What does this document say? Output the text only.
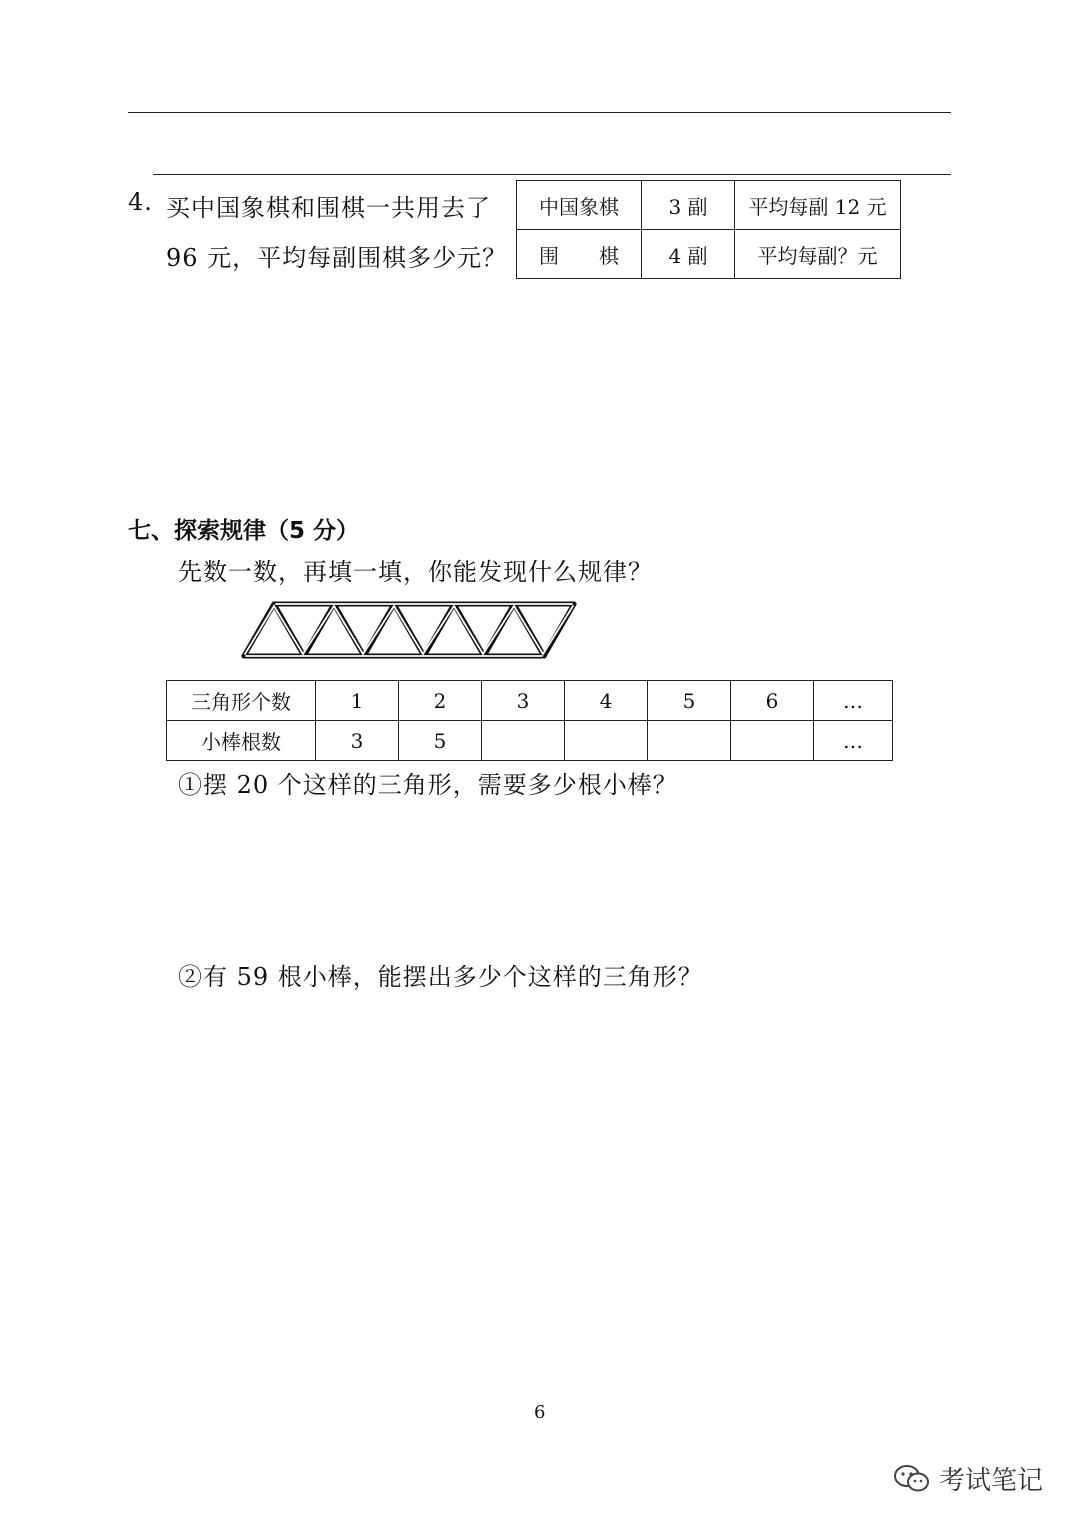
4. 买中国象棋和围棋一共用去了
96 元，平均每副围棋多少元？
中国象棋	3 副	平均每副 12 元
围　　棋	4 副	平均每副？元
七、探索规律（5 分）
先数一数，再填一填，你能发现什么规律？
三角形个数	1	2	3	4	5	6	…
小棒根数	3	5					…
①摆 20 个这样的三角形，需要多少根小棒？
②有 59 根小棒，能摆出多少个这样的三角形？
6
考试笔记
